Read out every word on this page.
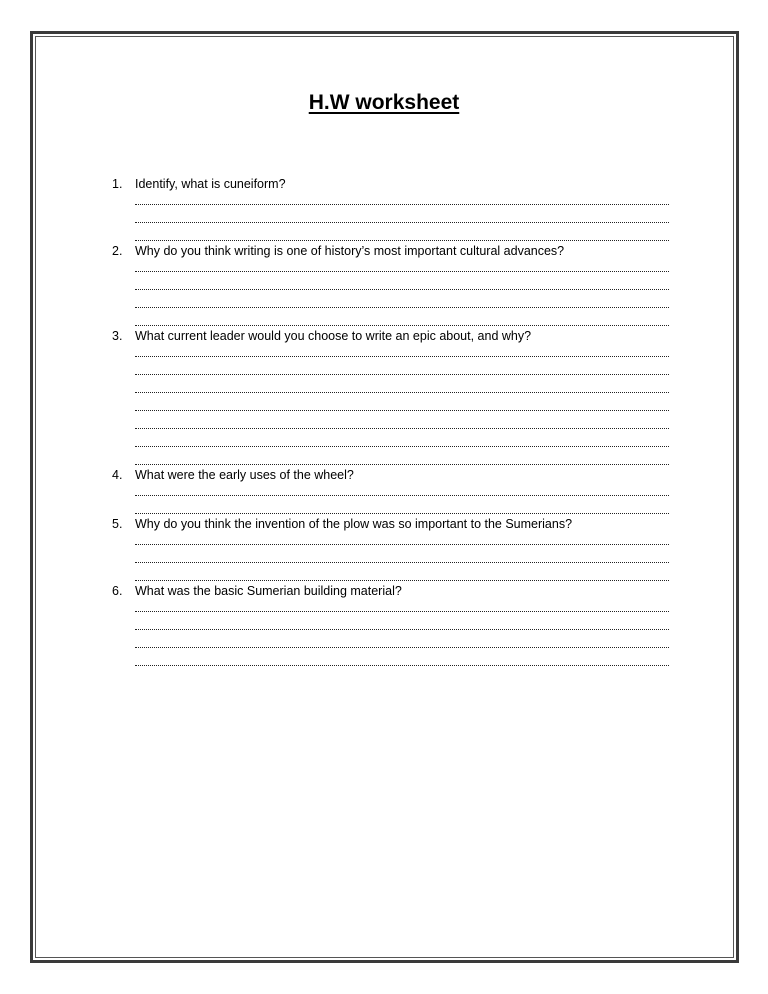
H.W worksheet
1.	Identify, what is cuneiform?
2.	Why do you think writing is one of history’s most important cultural advances?
3.	What current leader would you choose to write an epic about, and why?
4.	What were the early uses of the wheel?
5.	Why do you think the invention of the plow was so important to the Sumerians?
6.	What was the basic Sumerian building material?
